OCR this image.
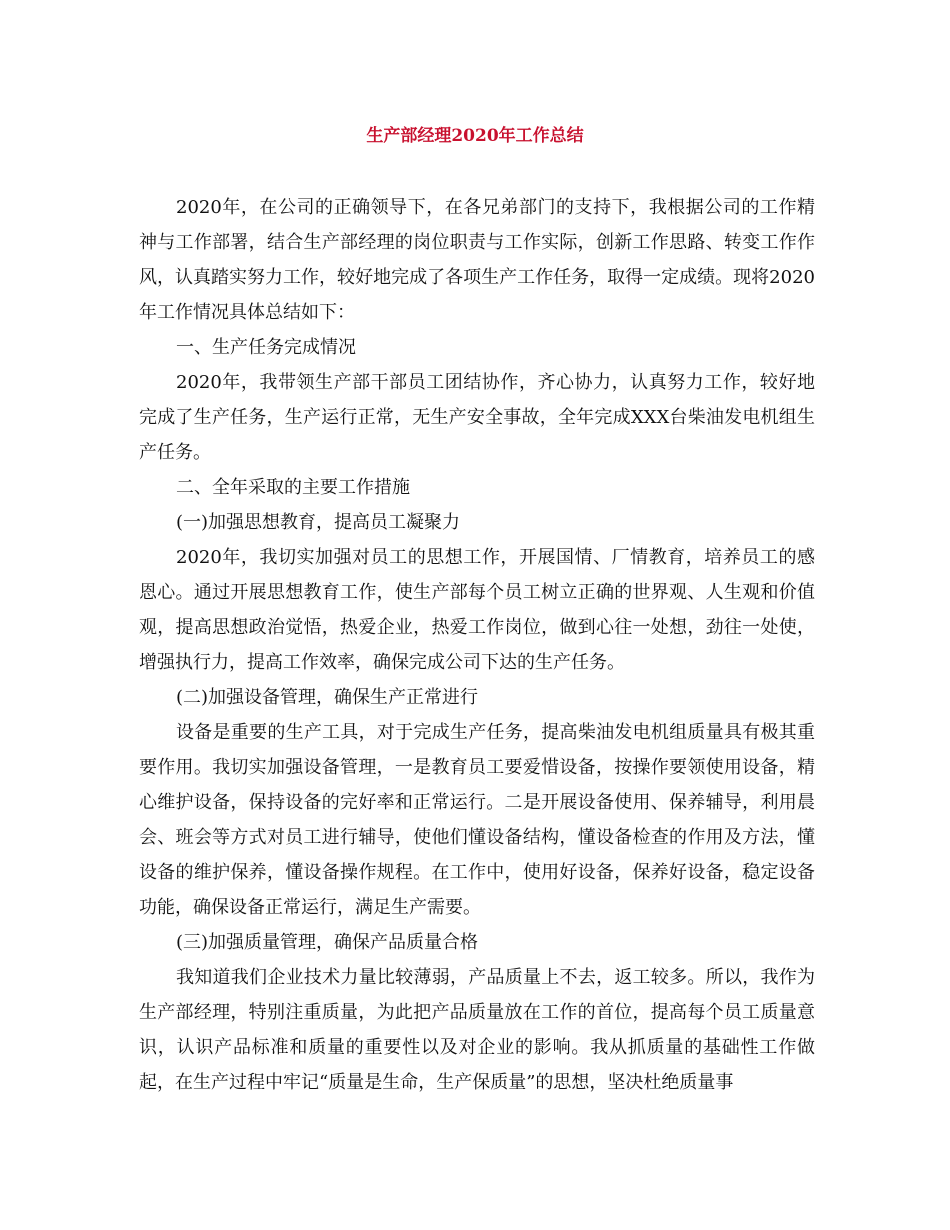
生产部经理2020年工作总结

2020年，在公司的正确领导下，在各兄弟部门的支持下，我根据公司的工作精神与工作部署，结合生产部经理的岗位职责与工作实际，创新工作思路、转变工作作风，认真踏实努力工作，较好地完成了各项生产工作任务，取得一定成绩。现将2020年工作情况具体总结如下：

一、生产任务完成情况

2020年，我带领生产部干部员工团结协作，齐心协力，认真努力工作，较好地完成了生产任务，生产运行正常，无生产安全事故，全年完成XXX台柴油发电机组生产任务。

二、全年采取的主要工作措施

(一)加强思想教育，提高员工凝聚力

2020年，我切实加强对员工的思想工作，开展国情、厂情教育，培养员工的感恩心。通过开展思想教育工作，使生产部每个员工树立正确的世界观、人生观和价值观，提高思想政治觉悟，热爱企业，热爱工作岗位，做到心往一处想，劲往一处使，增强执行力，提高工作效率，确保完成公司下达的生产任务。

(二)加强设备管理，确保生产正常进行

设备是重要的生产工具，对于完成生产任务，提高柴油发电机组质量具有极其重要作用。我切实加强设备管理，一是教育员工要爱惜设备，按操作要领使用设备，精心维护设备，保持设备的完好率和正常运行。二是开展设备使用、保养辅导，利用晨会、班会等方式对员工进行辅导，使他们懂设备结构，懂设备检查的作用及方法，懂设备的维护保养，懂设备操作规程。在工作中，使用好设备，保养好设备，稳定设备功能，确保设备正常运行，满足生产需要。

(三)加强质量管理，确保产品质量合格

我知道我们企业技术力量比较薄弱，产品质量上不去，返工较多。所以，我作为生产部经理，特别注重质量，为此把产品质量放在工作的首位，提高每个员工质量意识，认识产品标准和质量的重要性以及对企业的影响。我从抓质量的基础性工作做起，在生产过程中牢记“质量是生命，生产保质量”的思想，坚决杜绝质量事
